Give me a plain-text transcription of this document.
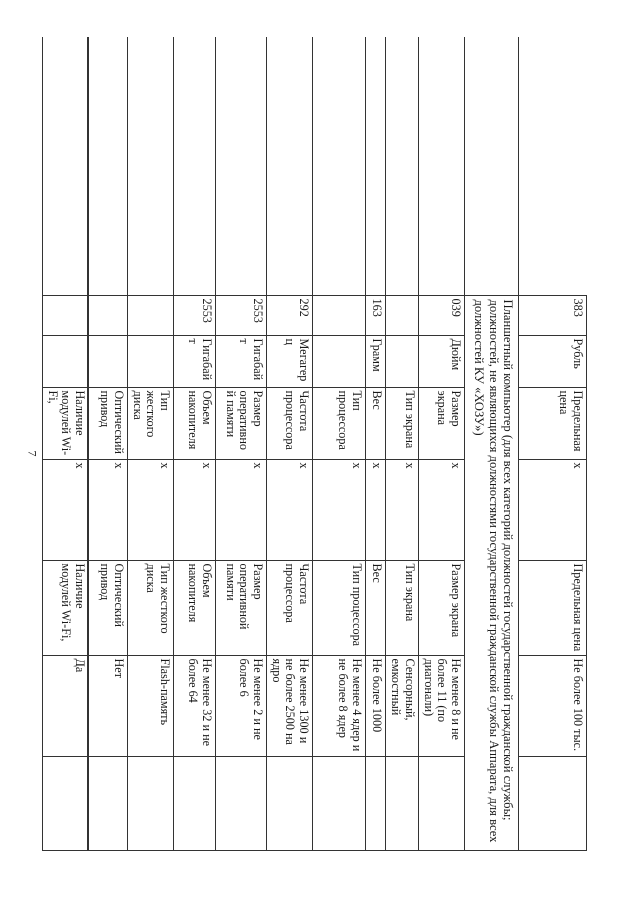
7
	383	Рубль	Предельная цена	х	Предельная цена	Не более 100 тыс.	
	Планшетный компьютер (для всех категорий должностей государственной гражданской службы; должностей, не являющихся должностями государственной гражданской службы Аппарата, для всех должностей КУ «ХОЗУ»)						
	039	Дюйм	Размер экрана	х	Размер экрана	Не менее 8 и не более 11 (по диагонали)	
			Тип экрана	х	Тип экрана	Сенсорный, емкостный	
	163	Грамм	Вес	х	Вес	Не более 1000	
			Тип процессора	х	Тип процессора	Не менее 4 ядер и не более 8 ядер	
	292	Мегагерц	Частота процессора	х	Частота процессора	Не менее 1300 и не более 2500 на ядро	
	2553	Гигабайт	Размер оперативной памяти	х	Размер оперативной памяти	Не менее 2 и не более 6	
	2553	Гигабайт	Объем накопителя	х	Объем накопителя	Не менее 32 и не более 64	
			Тип жесткого диска	х	Тип жесткого диска	Flash-память	
			Оптический привод	х	Оптический привод	Нет	
			Наличие модулей Wi-Fi,	х	Наличие модулей Wi-Fi,	Да	
